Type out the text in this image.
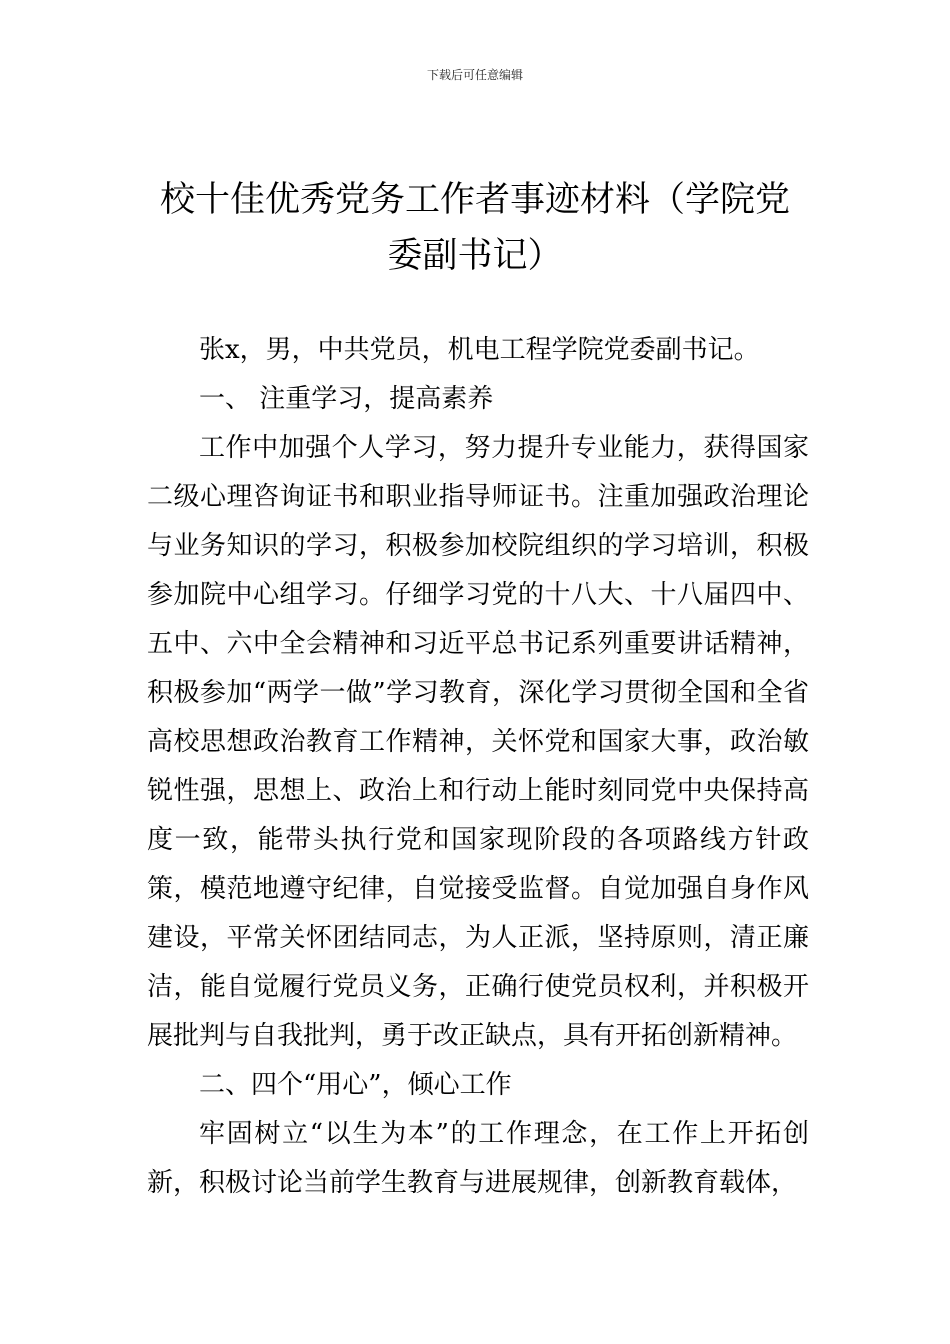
下载后可任意编辑
校十佳优秀党务工作者事迹材料（学院党
委副书记）

张x，男，中共党员，机电工程学院党委副书记。

一、 注重学习，提高素养

工作中加强个人学习，努力提升专业能力，获得国家二级心理咨询证书和职业指导师证书。注重加强政治理论与业务知识的学习，积极参加校院组织的学习培训，积极参加院中心组学习。仔细学习党的十八大、十八届四中、五中、六中全会精神和习近平总书记系列重要讲话精神，积极参加“两学一做”学习教育，深化学习贯彻全国和全省高校思想政治教育工作精神，关怀党和国家大事，政治敏锐性强，思想上、政治上和行动上能时刻同党中央保持高度一致，能带头执行党和国家现阶段的各项路线方针政策，模范地遵守纪律，自觉接受监督。自觉加强自身作风建设，平常关怀团结同志，为人正派，坚持原则，清正廉洁，能自觉履行党员义务，正确行使党员权利，并积极开展批判与自我批判，勇于改正缺点，具有开拓创新精神。

二、四个“用心”，倾心工作

牢固树立“以生为本”的工作理念，在工作上开拓创新，积极讨论当前学生教育与进展规律，创新教育载体，
